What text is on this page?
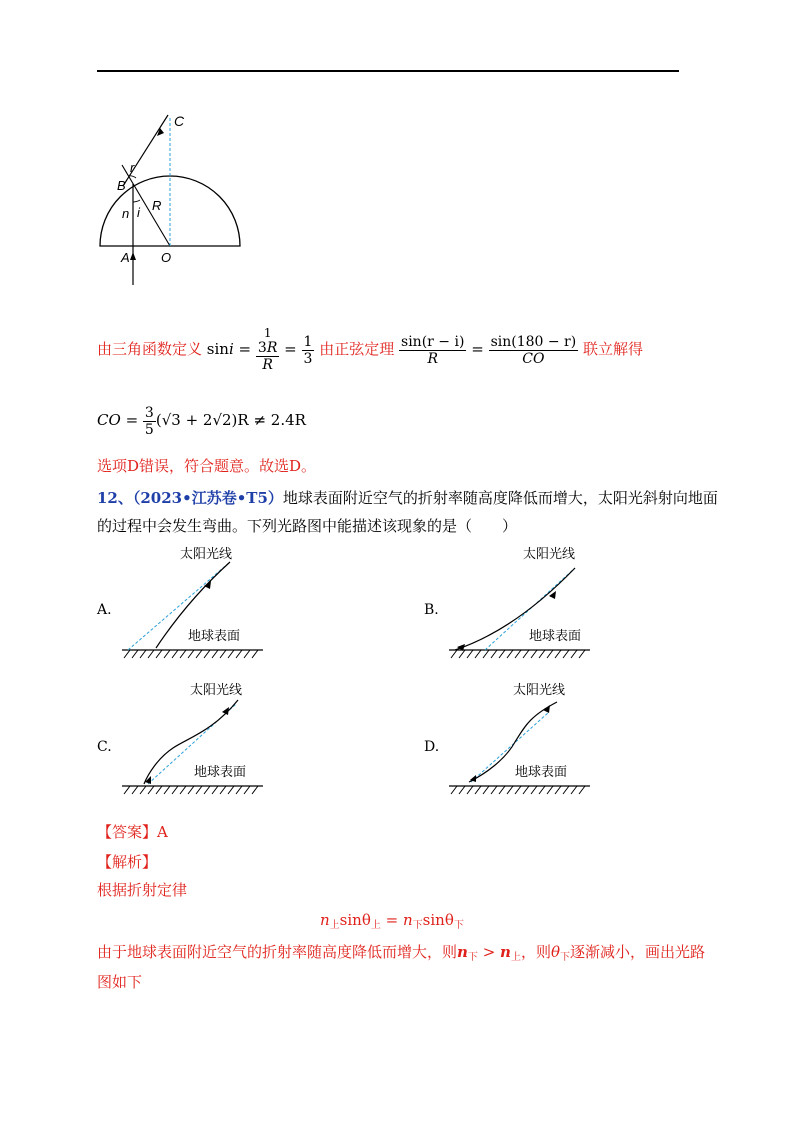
C
r
B
n i R
A O
由三角函数定义 sini = 1
3R
$R = \frac{1}{3}$ 由正弦定理 $\frac{\sin(r - i)}{R} = \frac{\sin(180 - r)}{CO}$ 联立解得
CO = $\frac{3}{5} (√3 + 2√2)R \ne 2.4R$
选项D错误，符合题意。故选D。
12、（2023•江苏卷•T5）地球表面附近空气的折射率随高度降低而增大，太阳光斜射向地面
的过程中会发生弯曲。下列光路图中能描述该现象的是（　　）
A.
太阳光线
地球表面
B.
太阳光线
地球表面
C.
太阳光线
地球表面
D.
太阳光线
地球表面
【答案】A
【解析】
根据折射定律
$n_上\sin\theta_上 = n_下\sin\theta_下$
由于地球表面附近空气的折射率随高度降低而增大，则$n_下 > n_上$，则$\theta_下$逐渐减小，画出光路
图如下
